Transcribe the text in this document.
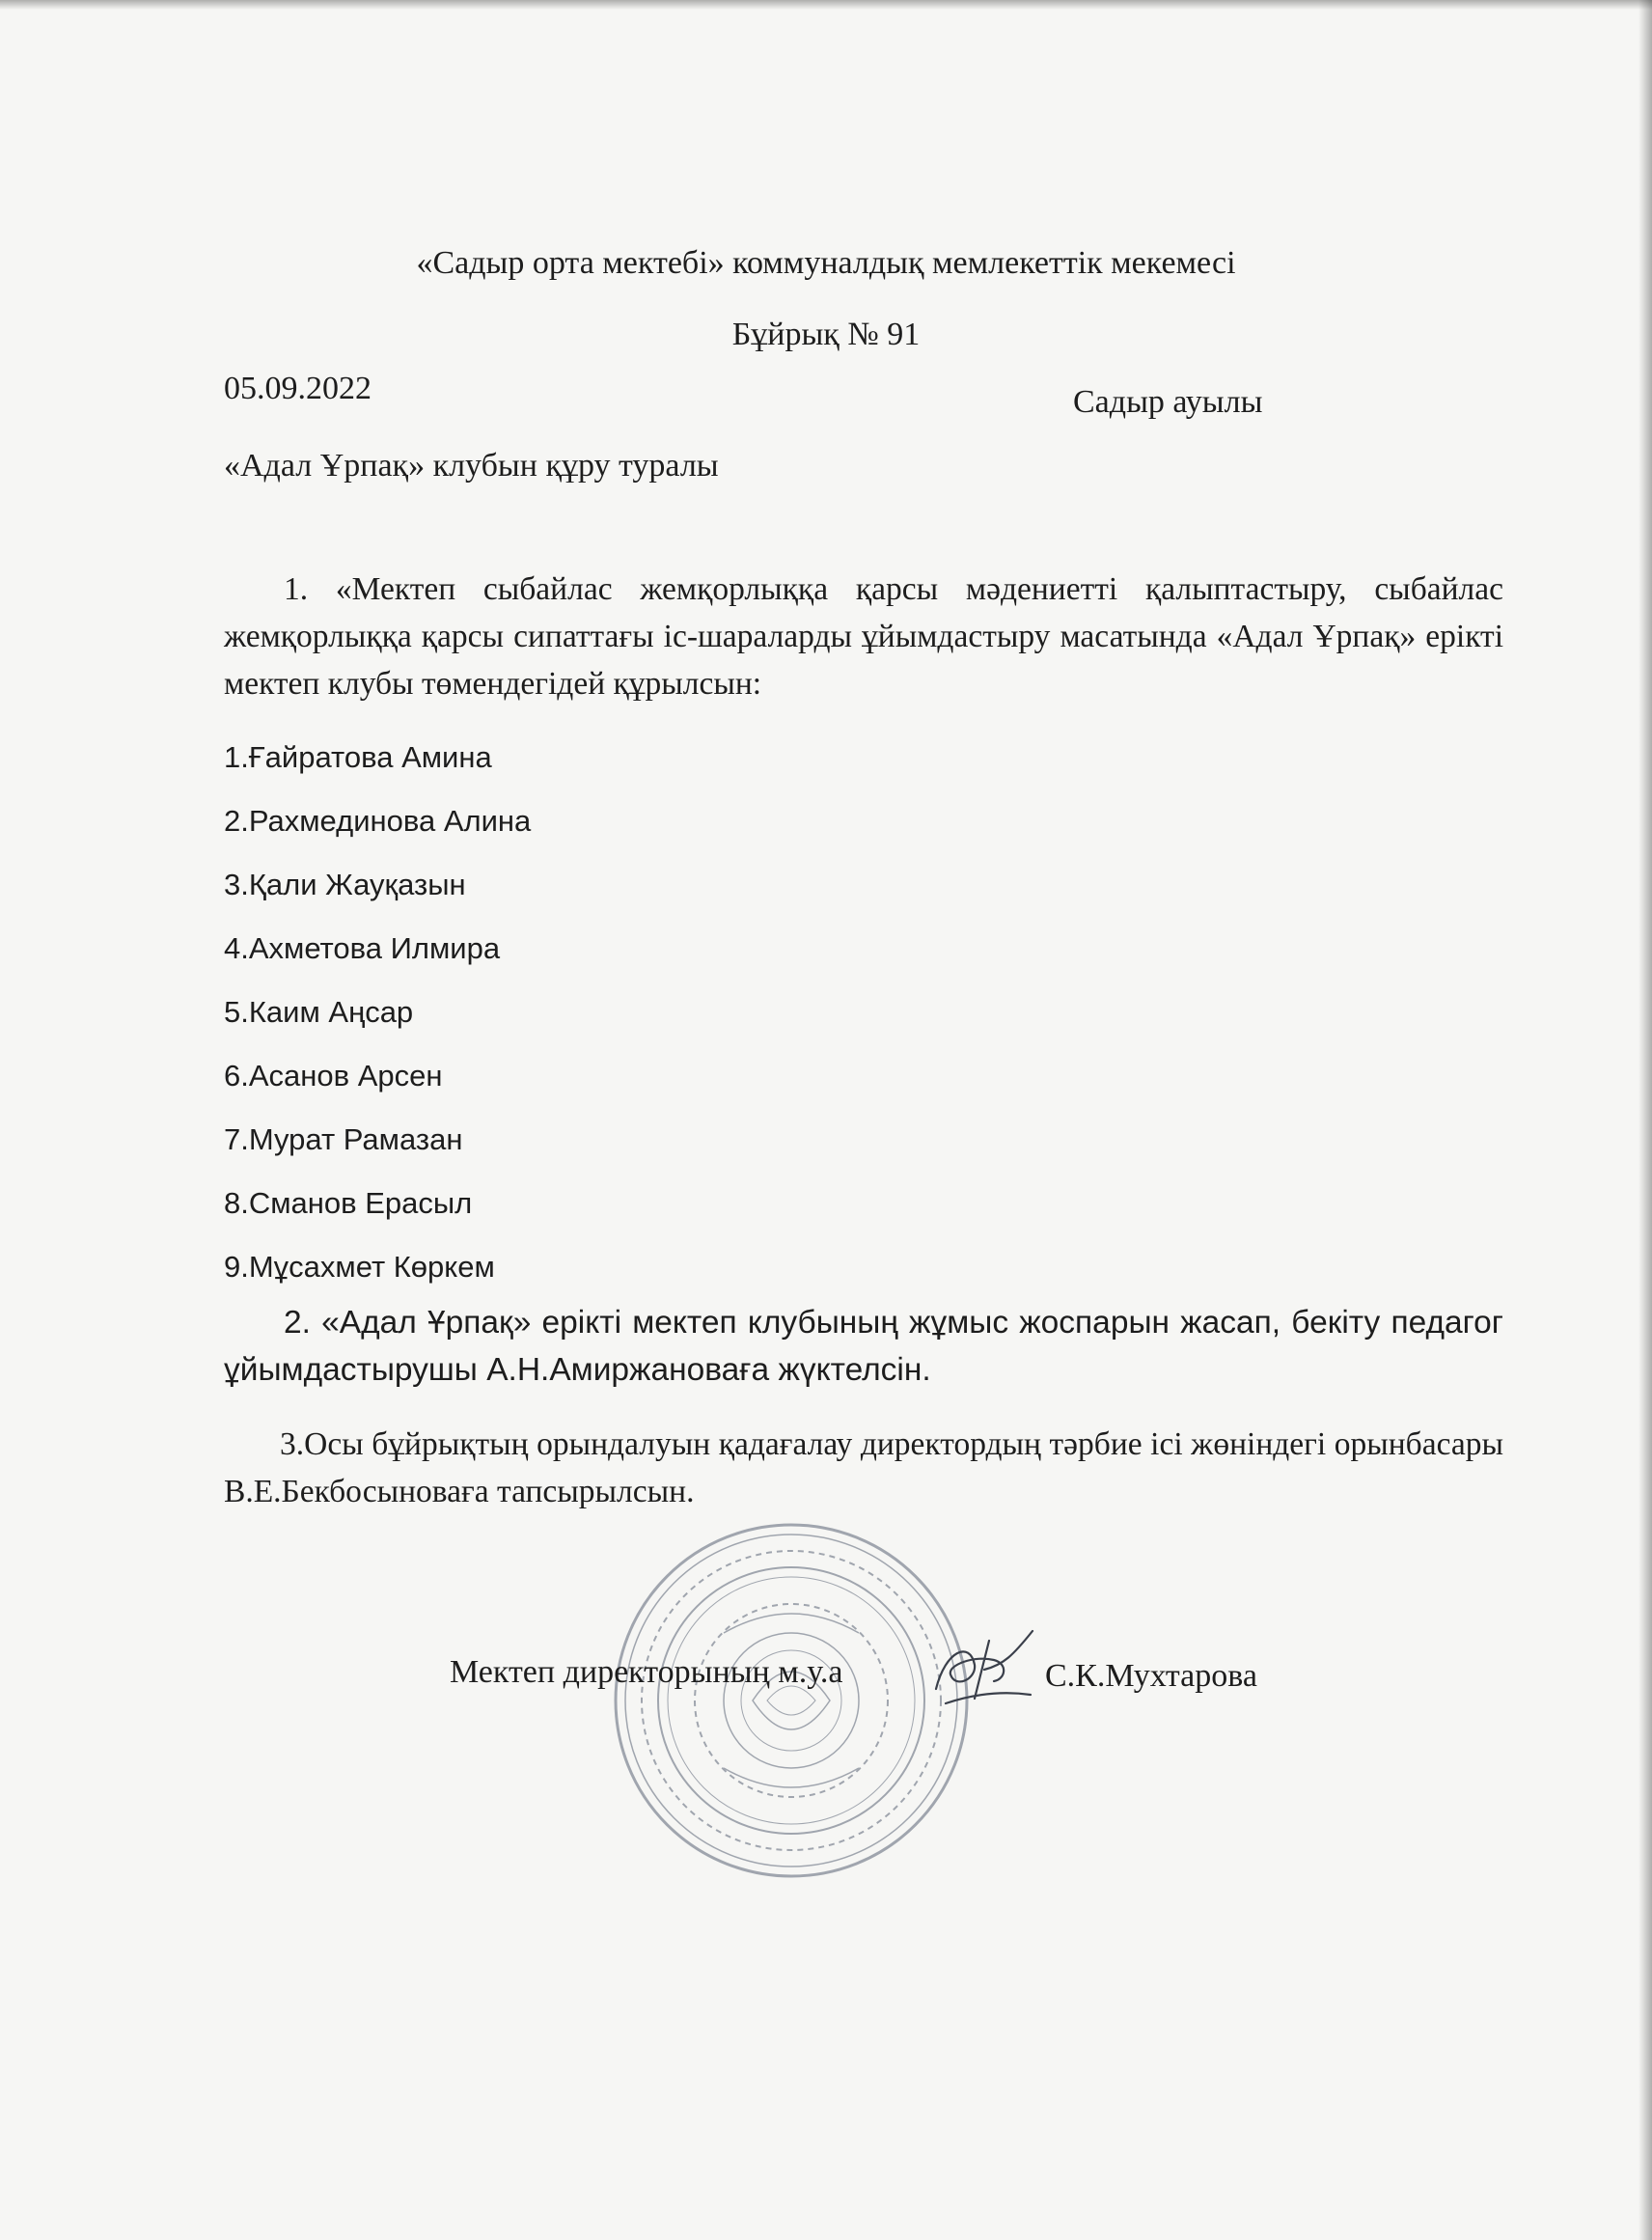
«Садыр орта мектебі» коммуналдық мемлекеттік мекемесі
Бұйрық № 91
05.09.2022	Садыр ауылы
«Адал Ұрпақ» клубын құру туралы
1. «Мектеп сыбайлас жемқорлыққа қарсы мәдениетті қалыптастыру, сыбайлас жемқорлыққа қарсы сипаттағы іс-шараларды ұйымдастыру масатында «Адал Ұрпақ» ерікті мектеп клубы төмендегідей құрылсын:
1.Ғайратова Амина
2.Рахмединова Алина
3.Қали Жауқазын
4.Ахметова Илмира
5.Каим Аңсар
6.Асанов Арсен
7.Мурат Рамазан
8.Сманов Ерасыл
9.Мұсахмет Көркем
2. «Адал Ұрпақ» ерікті мектеп клубының жұмыс жоспарын жасап, бекіту педагог ұйымдастырушы А.Н.Амиржановаға жүктелсін.
3.Осы бұйрықтың орындалуын қадағалау директордың тәрбие ісі жөніндегі орынбасары В.Е.Бекбосыноваға тапсырылсын.
Мектеп директорының м.у.а	С.К.Мухтарова
